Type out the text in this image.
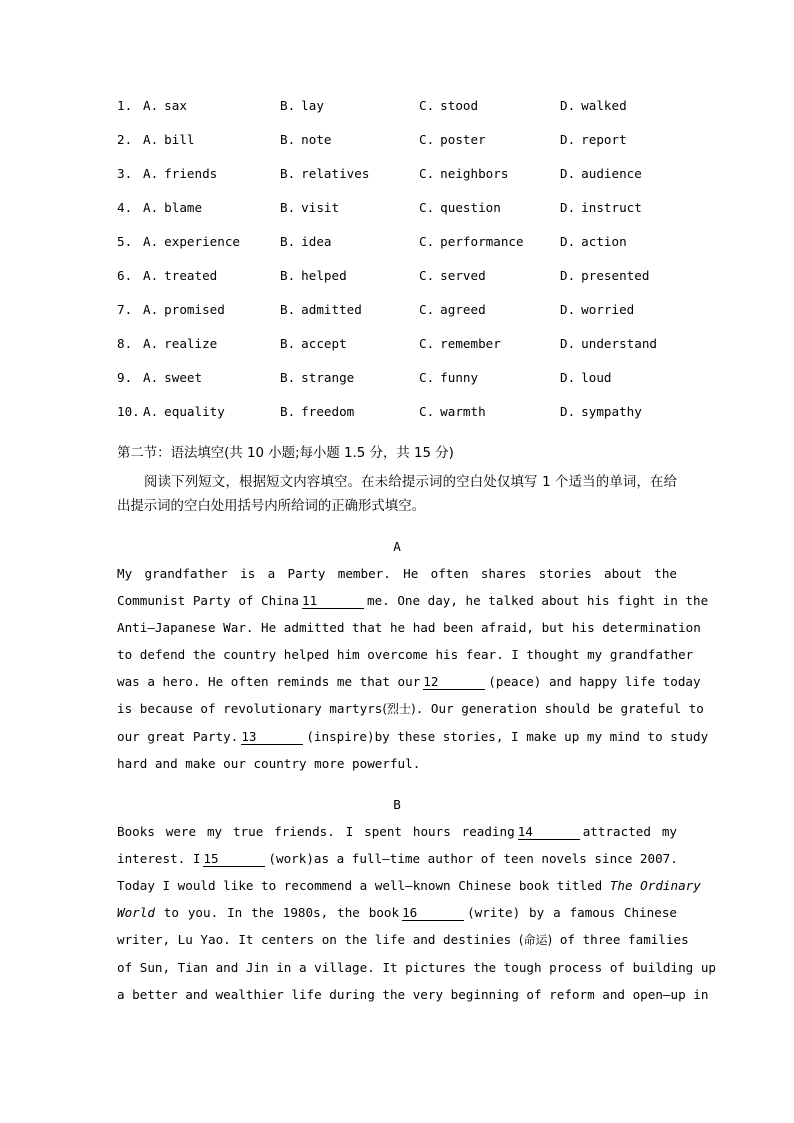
1. A. sax	B. lay	C. stood	D. walked
2. A. bill	B. note	C. poster	D. report
3. A. friends	B. relatives	C. neighbors	D. audience
4. A. blame	B. visit	C. question	D. instruct
5. A. experience	B. idea	C. performance	D. action
6. A. treated	B. helped	C. served	D. presented
7. A. promised	B. admitted	C. agreed	D. worried
8. A. realize	B. accept	C. remember	D. understand
9. A. sweet	B. strange	C. funny	D. loud
10. A. equality	B. freedom	C. warmth	D. sympathy
第二节：语法填空(共 10 小题;每小题 1.5 分，共 15 分)
阅读下列短文，根据短文内容填空。在未给提示词的空白处仅填写 1 个适当的单词，在给出提示词的空白处用括号内所给词的正确形式填空。
A
My grandfather is a Party member. He often shares stories about the
Communist Party of China 11	me. One day, he talked about his fight in the
Anti—Japanese War. He admitted that he had been afraid, but his determination
to defend the country helped him overcome his fear. I thought my grandfather
was a hero. He often reminds me that our 12	(peace) and happy life today
is because of revolutionary martyrs(烈士). Our generation should be grateful to
our great Party. 13	(inspire)by these stories, I make up my mind to study
hard and make our country more powerful.
B
Books were my true friends. I spent hours reading 14	attracted my
interest. I 15	(work)as a full—time author of teen novels since 2007.
Today I would like to recommend a well—known Chinese book titled The Ordinary
World to you. In the 1980s, the book 16	(write) by a famous Chinese
writer, Lu Yao. It centers on the life and destinies (命运) of three families
of Sun, Tian and Jin in a village. It pictures the tough process of building up
a better and wealthier life during the very beginning of reform and open—up in
